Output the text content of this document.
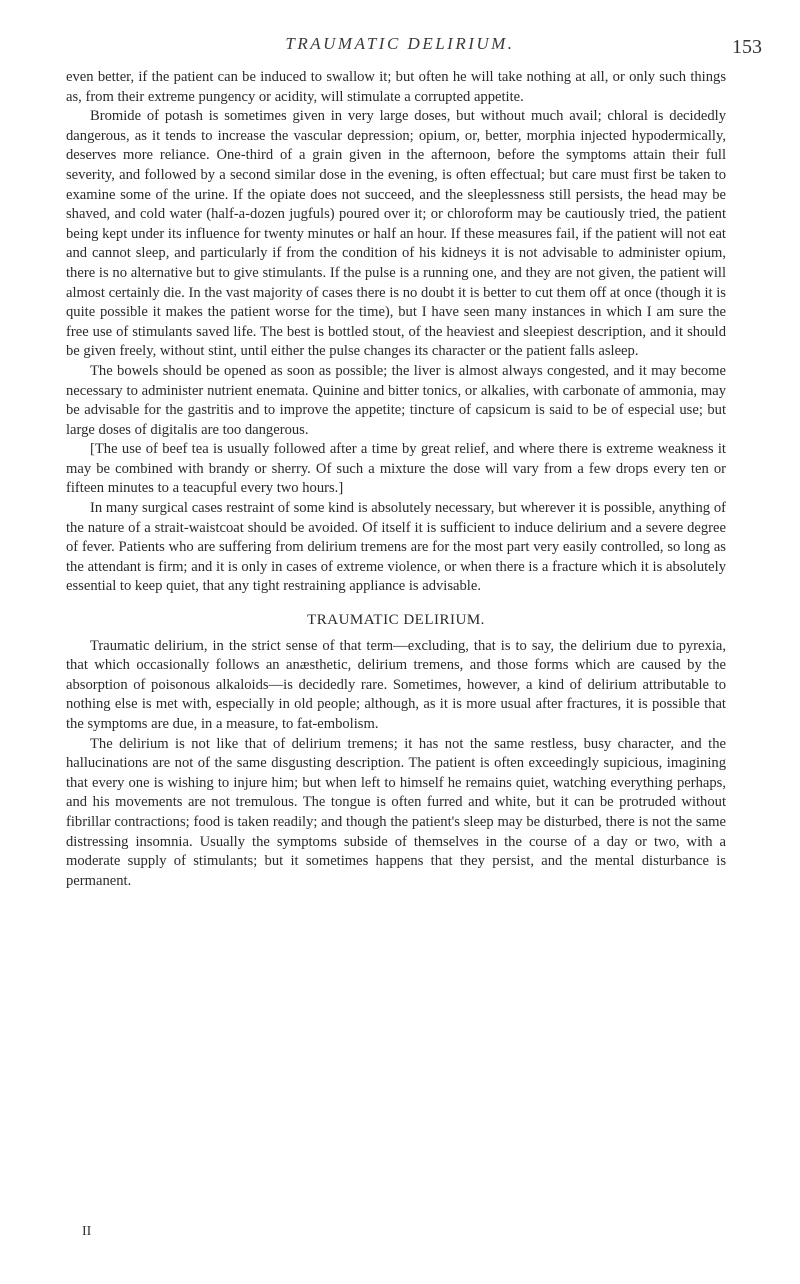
TRAUMATIC DELIRIUM.	153

even better, if the patient can be induced to swallow it; but often he will take nothing at all, or only such things as, from their extreme pungency or acidity, will stimulate a corrupted appetite.

Bromide of potash is sometimes given in very large doses, but without much avail; chloral is decidedly dangerous, as it tends to increase the vascular depression; opium, or, better, morphia injected hypodermically, deserves more reliance. One-third of a grain given in the afternoon, before the symptoms attain their full severity, and followed by a second similar dose in the evening, is often effectual; but care must first be taken to examine some of the urine. If the opiate does not succeed, and the sleeplessness still persists, the head may be shaved, and cold water (half-a-dozen jugfuls) poured over it; or chloroform may be cautiously tried, the patient being kept under its influence for twenty minutes or half an hour. If these measures fail, if the patient will not eat and cannot sleep, and particularly if from the condition of his kidneys it is not advisable to administer opium, there is no alternative but to give stimulants. If the pulse is a running one, and they are not given, the patient will almost certainly die. In the vast majority of cases there is no doubt it is better to cut them off at once (though it is quite possible it makes the patient worse for the time), but I have seen many instances in which I am sure the free use of stimulants saved life. The best is bottled stout, of the heaviest and sleepiest description, and it should be given freely, without stint, until either the pulse changes its character or the patient falls asleep.

The bowels should be opened as soon as possible; the liver is almost always congested, and it may become necessary to administer nutrient enemata. Quinine and bitter tonics, or alkalies, with carbonate of ammonia, may be advisable for the gastritis and to improve the appetite; tincture of capsicum is said to be of especial use; but large doses of digitalis are too dangerous.

[The use of beef tea is usually followed after a time by great relief, and where there is extreme weakness it may be combined with brandy or sherry. Of such a mixture the dose will vary from a few drops every ten or fifteen minutes to a teacupful every two hours.]

In many surgical cases restraint of some kind is absolutely necessary, but wherever it is possible, anything of the nature of a strait-waistcoat should be avoided. Of itself it is sufficient to induce delirium and a severe degree of fever. Patients who are suffering from delirium tremens are for the most part very easily controlled, so long as the attendant is firm; and it is only in cases of extreme violence, or when there is a fracture which it is absolutely essential to keep quiet, that any tight restraining appliance is advisable.

TRAUMATIC DELIRIUM.

Traumatic delirium, in the strict sense of that term—excluding, that is to say, the delirium due to pyrexia, that which occasionally follows an anæsthetic, delirium tremens, and those forms which are caused by the absorption of poisonous alkaloids—is decidedly rare. Sometimes, however, a kind of delirium attributable to nothing else is met with, especially in old people; although, as it is more usual after fractures, it is possible that the symptoms are due, in a measure, to fat-embolism.

The delirium is not like that of delirium tremens; it has not the same restless, busy character, and the hallucinations are not of the same disgusting description. The patient is often exceedingly supicious, imagining that every one is wishing to injure him; but when left to himself he remains quiet, watching everything perhaps, and his movements are not tremulous. The tongue is often furred and white, but it can be protruded without fibrillar contractions; food is taken readily; and though the patient's sleep may be disturbed, there is not the same distressing insomnia. Usually the symptoms subside of themselves in the course of a day or two, with a moderate supply of stimulants; but it sometimes happens that they persist, and the mental disturbance is permanent.

II
